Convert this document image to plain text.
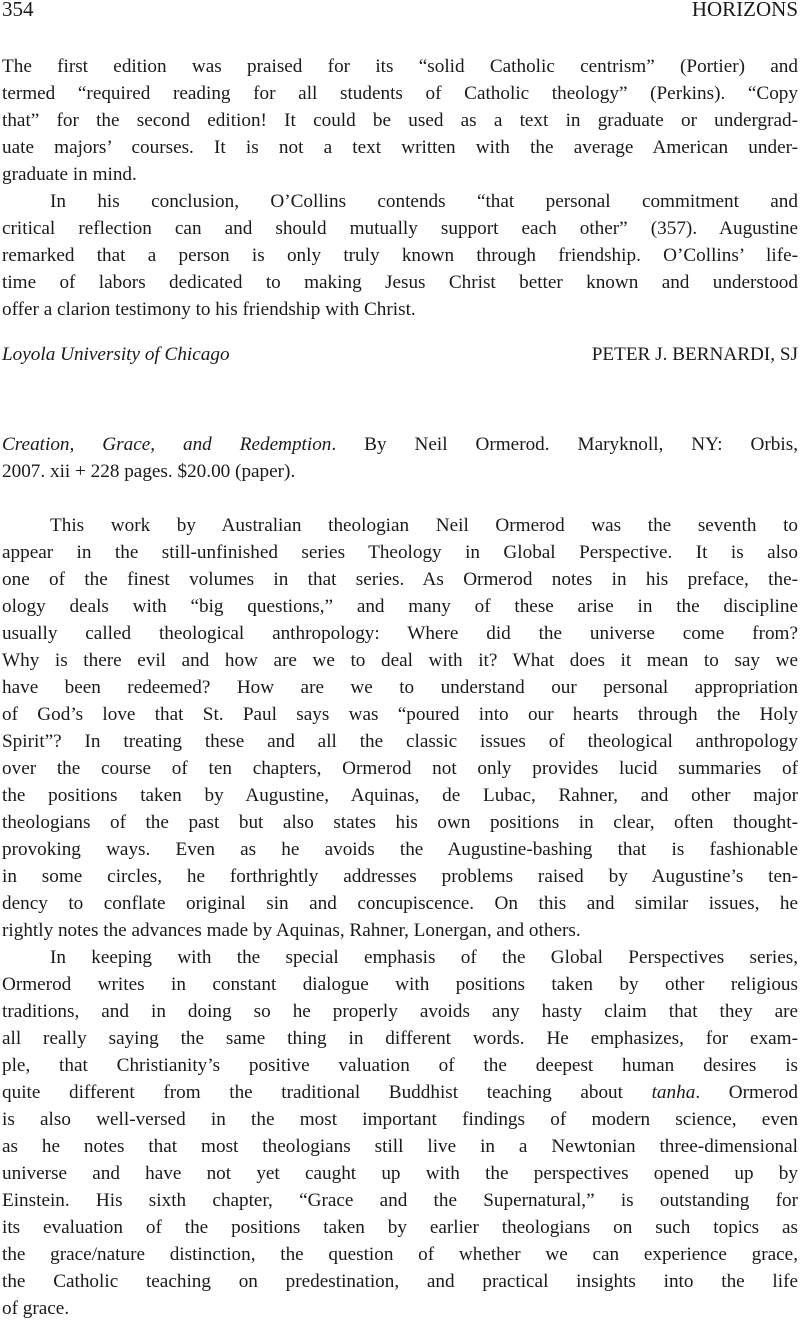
354	HORIZONS
The first edition was praised for its “solid Catholic centrism” (Portier) and
termed “required reading for all students of Catholic theology” (Perkins). “Copy
that” for the second edition! It could be used as a text in graduate or undergrad-
uate majors’ courses. It is not a text written with the average American under-
graduate in mind.
In his conclusion, O’Collins contends “that personal commitment and
critical reflection can and should mutually support each other” (357). Augustine
remarked that a person is only truly known through friendship. O’Collins’ life-
time of labors dedicated to making Jesus Christ better known and understood
offer a clarion testimony to his friendship with Christ.
Loyola University of Chicago	PETER J. BERNARDI, SJ
Creation, Grace, and Redemption. By Neil Ormerod. Maryknoll, NY: Orbis,
2007. xii + 228 pages. $20.00 (paper).
This work by Australian theologian Neil Ormerod was the seventh to
appear in the still-unfinished series Theology in Global Perspective. It is also
one of the finest volumes in that series. As Ormerod notes in his preface, the-
ology deals with “big questions,” and many of these arise in the discipline
usually called theological anthropology: Where did the universe come from?
Why is there evil and how are we to deal with it? What does it mean to say we
have been redeemed? How are we to understand our personal appropriation
of God’s love that St. Paul says was “poured into our hearts through the Holy
Spirit”? In treating these and all the classic issues of theological anthropology
over the course of ten chapters, Ormerod not only provides lucid summaries of
the positions taken by Augustine, Aquinas, de Lubac, Rahner, and other major
theologians of the past but also states his own positions in clear, often thought-
provoking ways. Even as he avoids the Augustine-bashing that is fashionable
in some circles, he forthrightly addresses problems raised by Augustine’s ten-
dency to conflate original sin and concupiscence. On this and similar issues, he
rightly notes the advances made by Aquinas, Rahner, Lonergan, and others.
In keeping with the special emphasis of the Global Perspectives series,
Ormerod writes in constant dialogue with positions taken by other religious
traditions, and in doing so he properly avoids any hasty claim that they are
all really saying the same thing in different words. He emphasizes, for exam-
ple, that Christianity’s positive valuation of the deepest human desires is
quite different from the traditional Buddhist teaching about tanha. Ormerod
is also well-versed in the most important findings of modern science, even
as he notes that most theologians still live in a Newtonian three-dimensional
universe and have not yet caught up with the perspectives opened up by
Einstein. His sixth chapter, “Grace and the Supernatural,” is outstanding for
its evaluation of the positions taken by earlier theologians on such topics as
the grace/nature distinction, the question of whether we can experience grace,
the Catholic teaching on predestination, and practical insights into the life
of grace.
